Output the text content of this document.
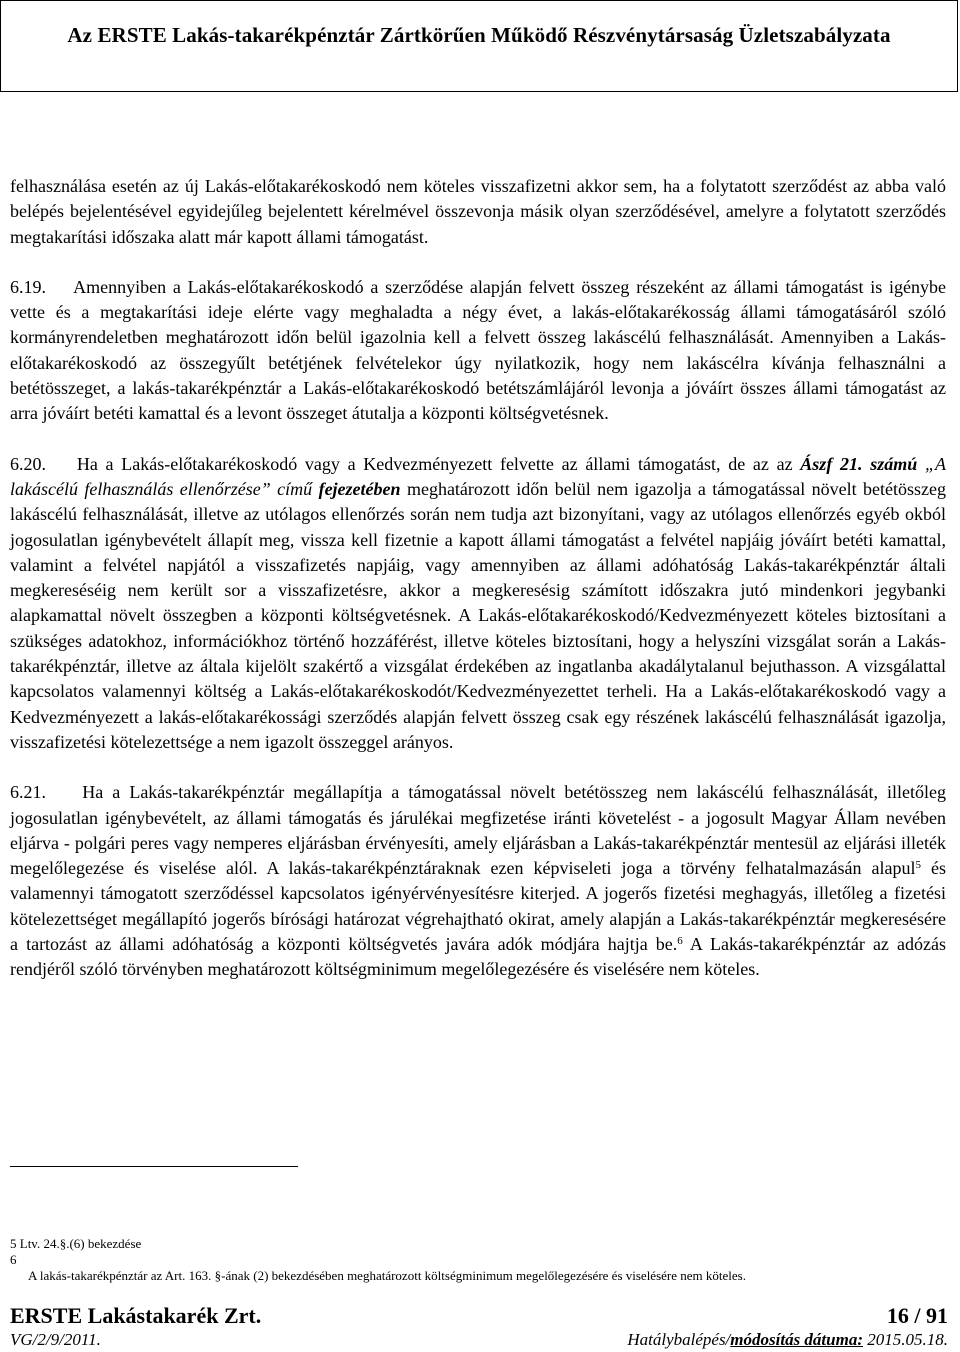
Az ERSTE Lakás-takarékpénztár Zártkörűen Működő Részvénytársaság Üzletszabályzata

felhasználása esetén az új Lakás-előtakarékoskodó nem köteles visszafizetni akkor sem, ha a folytatott szerződést az abba való belépés bejelentésével egyidejűleg bejelentett kérelmével összevonja másik olyan szerződésével, amelyre a folytatott szerződés megtakarítási időszaka alatt már kapott állami támogatást.

6.19. Amennyiben a Lakás-előtakarékoskodó a szerződése alapján felvett összeg részeként az állami támogatást is igénybe vette és a megtakarítási ideje elérte vagy meghaladta a négy évet, a lakás-előtakarékosság állami támogatásáról szóló kormányrendeletben meghatározott időn belül igazolnia kell a felvett összeg lakáscélú felhasználását. Amennyiben a Lakás-előtakarékoskodó az összegyűlt betétjének felvételekor úgy nyilatkozik, hogy nem lakáscélra kívánja felhasználni a betétösszeget, a lakás-takarékpénztár a Lakás-előtakarékoskodó betétszámlájáról levonja a jóváírt összes állami támogatást az arra jóváírt betéti kamattal és a levont összeget átutalja a központi költségvetésnek.

6.20. Ha a Lakás-előtakarékoskodó vagy a Kedvezményezett felvette az állami támogatást, de az az Ászf 21. számú „A lakáscélú felhasználás ellenőrzése” című fejezetében meghatározott időn belül nem igazolja a támogatással növelt betétösszeg lakáscélú felhasználását, illetve az utólagos ellenőrzés során nem tudja azt bizonyítani, vagy az utólagos ellenőrzés egyéb okból jogosulatlan igénybevételt állapít meg, vissza kell fizetnie a kapott állami támogatást a felvétel napjáig jóváírt betéti kamattal, valamint a felvétel napjától a visszafizetés napjáig, vagy amennyiben az állami adóhatóság Lakás-takarékpénztár általi megkereséséig nem került sor a visszafizetésre, akkor a megkeresésig számított időszakra jutó mindenkori jegybanki alapkamattal növelt összegben a központi költségvetésnek. A Lakás-előtakarékoskodó/Kedvezményezett köteles biztosítani a szükséges adatokhoz, információkhoz történő hozzáférést, illetve köteles biztosítani, hogy a helyszíni vizsgálat során a Lakás-takarékpénztár, illetve az általa kijelölt szakértő a vizsgálat érdekében az ingatlanba akadálytalanul bejuthasson. A vizsgálattal kapcsolatos valamennyi költség a Lakás-előtakarékoskodót/Kedvezményezettet terheli. Ha a Lakás-előtakarékoskodó vagy a Kedvezményezett a lakás-előtakarékossági szerződés alapján felvett összeg csak egy részének lakáscélú felhasználását igazolja, visszafizetési kötelezettsége a nem igazolt összeggel arányos.

6.21. Ha a Lakás-takarékpénztár megállapítja a támogatással növelt betétösszeg nem lakáscélú felhasználását, illetőleg jogosulatlan igénybevételt, az állami támogatás és járulékai megfizetése iránti követelést - a jogosult Magyar Állam nevében eljárva - polgári peres vagy nemperes eljárásban érvényesíti, amely eljárásban a Lakás-takarékpénztár mentesül az eljárási illeték megelőlegezése és viselése alól. A lakás-takarékpénztáraknak ezen képviseleti joga a törvény felhatalmazásán alapul$^5$ és valamennyi támogatott szerződéssel kapcsolatos igényérvényesítésre kiterjed. A jogerős fizetési meghagyás, illetőleg a fizetési kötelezettséget megállapító jogerős bírósági határozat végrehajtható okirat, amely alapján a Lakás-takarékpénztár megkeresésére a tartozást az állami adóhatóság a központi költségvetés javára adók módjára hajtja be.$^6$ A Lakás-takarékpénztár az adózás rendjéről szóló törvényben meghatározott költségminimum megelőlegezésére és viselésére nem köteles.

5 Ltv. 24.§.(6) bekezdése

6

A lakás-takarékpénztár az Art. 163. §-ának (2) bekezdésében meghatározott költségminimum megelőlegezésére és viselésére nem köteles.

ERSTE Lakástakarék Zrt.	16 / 91
VG/2/9/2011.	Hatálybalépés/módosítás dátuma: 2015.05.18.
